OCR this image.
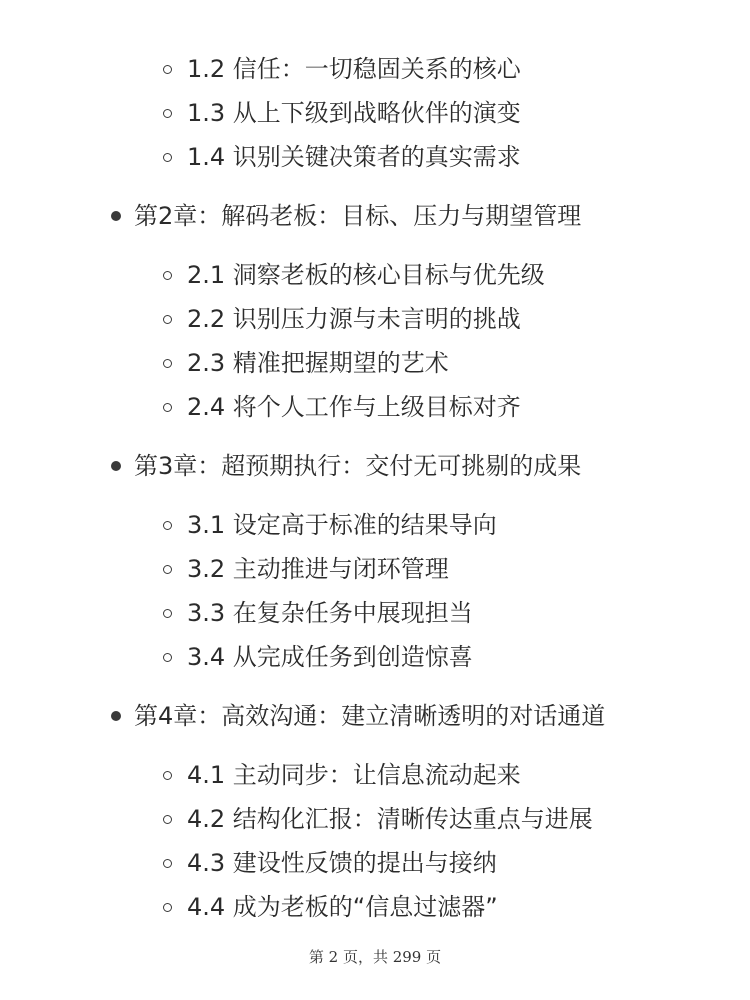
1.2 信任：一切稳固关系的核心
1.3 从上下级到战略伙伴的演变
1.4 识别关键决策者的真实需求
第2章：解码老板：目标、压力与期望管理
2.1 洞察老板的核心目标与优先级
2.2 识别压力源与未言明的挑战
2.3 精准把握期望的艺术
2.4 将个人工作与上级目标对齐
第3章：超预期执行：交付无可挑剔的成果
3.1 设定高于标准的结果导向
3.2 主动推进与闭环管理
3.3 在复杂任务中展现担当
3.4 从完成任务到创造惊喜
第4章：高效沟通：建立清晰透明的对话通道
4.1 主动同步：让信息流动起来
4.2 结构化汇报：清晰传达重点与进展
4.3 建设性反馈的提出与接纳
4.4 成为老板的“信息过滤器”
第 2 页，共 299 页
